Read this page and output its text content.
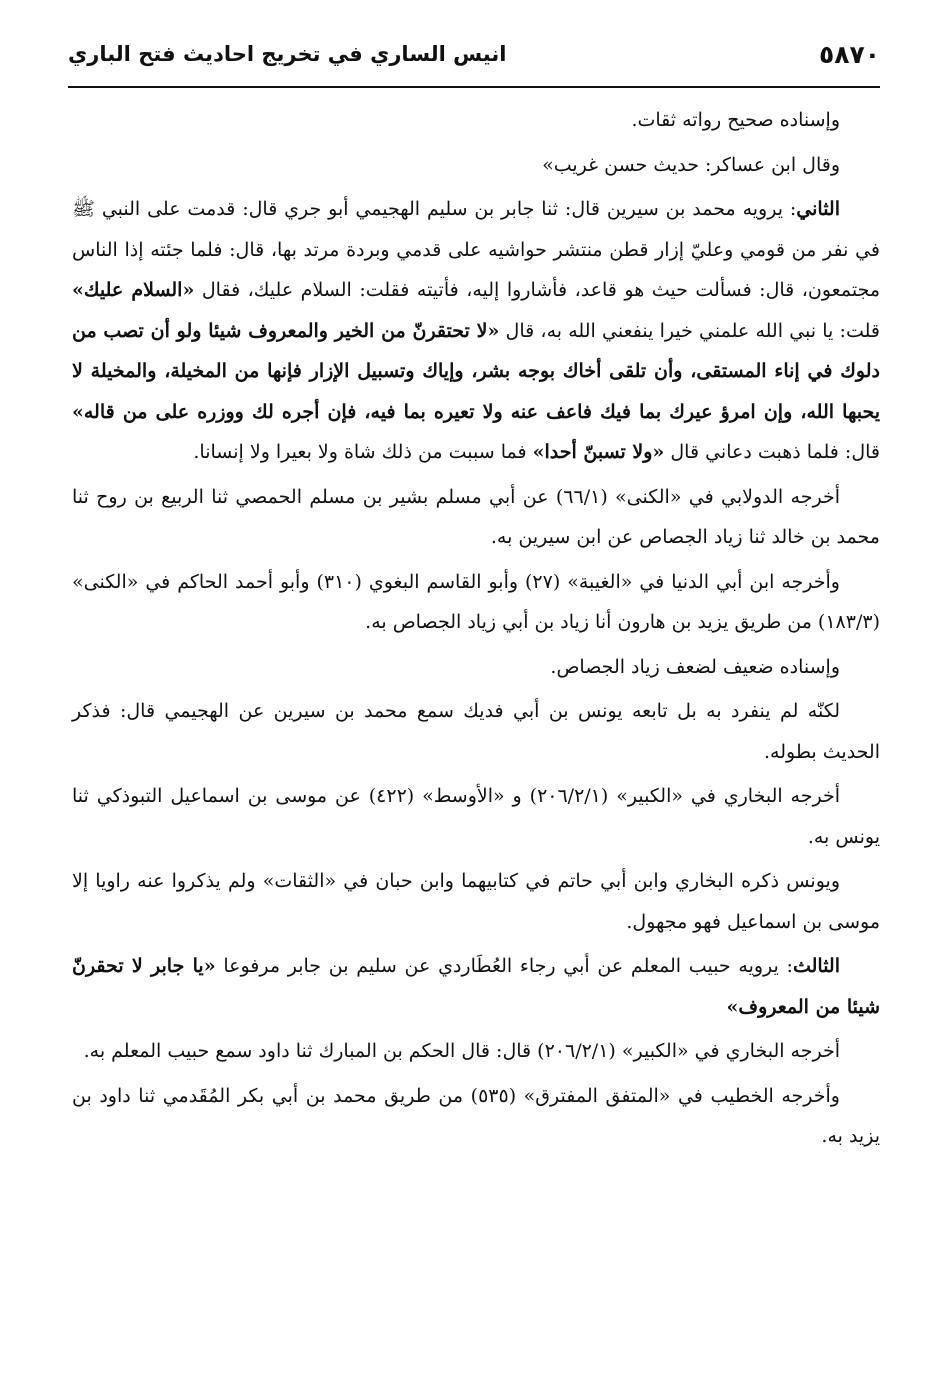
٥٨٧٠
انيس الساري في تخريج احاديث فتح الباري

وإسناده صحيح رواته ثقات.

وقال ابن عساكر: حديث حسن غريب»

الثاني: يرويه محمد بن سيرين قال: ثنا جابر بن سليم الهجيمي أبو جري قال: قدمت على النبي ﷺ في نفر من قومي وعليّ إزار قطن منتشر حواشيه على قدمي وبردة مرتد بها، قال: فلما جئته إذا الناس مجتمعون، قال: فسألت حيث هو قاعد، فأشاروا إليه، فأتيته فقلت: السلام عليك، فقال «السلام عليك» قلت: يا نبي الله علمني خيرا ينفعني الله به، قال «لا تحتقرنّ من الخير والمعروف شيئا ولو أن تصب من دلوك في إناء المستقى، وأن تلقى أخاك بوجه بشر، وإياك وتسبيل الإزار فإنها من المخيلة، والمخيلة لا يحبها الله، وإن امرؤ عيرك بما فيك فاعف عنه ولا تعيره بما فيه، فإن أجره لك ووزره على من قاله» قال: فلما ذهبت دعاني قال «ولا تسبنّ أحدا» فما سببت من ذلك شاة ولا بعيرا ولا إنسانا.

أخرجه الدولابي في «الكنى» (٦٦/١) عن أبي مسلم بشير بن مسلم الحمصي ثنا الربيع بن روح ثنا محمد بن خالد ثنا زياد الجصاص عن ابن سيرين به.

وأخرجه ابن أبي الدنيا في «الغيبة» (٢٧) وأبو القاسم البغوي (٣١٠) وأبو أحمد الحاكم في «الكنى» (١٨٣/٣) من طريق يزيد بن هارون أنا زياد بن أبي زياد الجصاص به.

وإسناده ضعيف لضعف زياد الجصاص.

لكنّه لم ينفرد به بل تابعه يونس بن أبي فديك سمع محمد بن سيرين عن الهجيمي قال: فذكر الحديث بطوله.

أخرجه البخاري في «الكبير» (٢٠٦/٢/١) و «الأوسط» (٤٢٢) عن موسى بن اسماعيل التبوذكي ثنا يونس به.

ويونس ذكره البخاري وابن أبي حاتم في كتابيهما وابن حبان في «الثقات» ولم يذكروا عنه راويا إلا موسى بن اسماعيل فهو مجهول.

الثالث: يرويه حبيب المعلم عن أبي رجاء العُطَاردي عن سليم بن جابر مرفوعا «يا جابر لا تحقرنّ شيئا من المعروف»

أخرجه البخاري في «الكبير» (٢٠٦/٢/١) قال: قال الحكم بن المبارك ثنا داود سمع حبيب المعلم به.

وأخرجه الخطيب في «المتفق المفترق» (٥٣٥) من طريق محمد بن أبي بكر المُقَدمي ثنا داود بن يزيد به.
